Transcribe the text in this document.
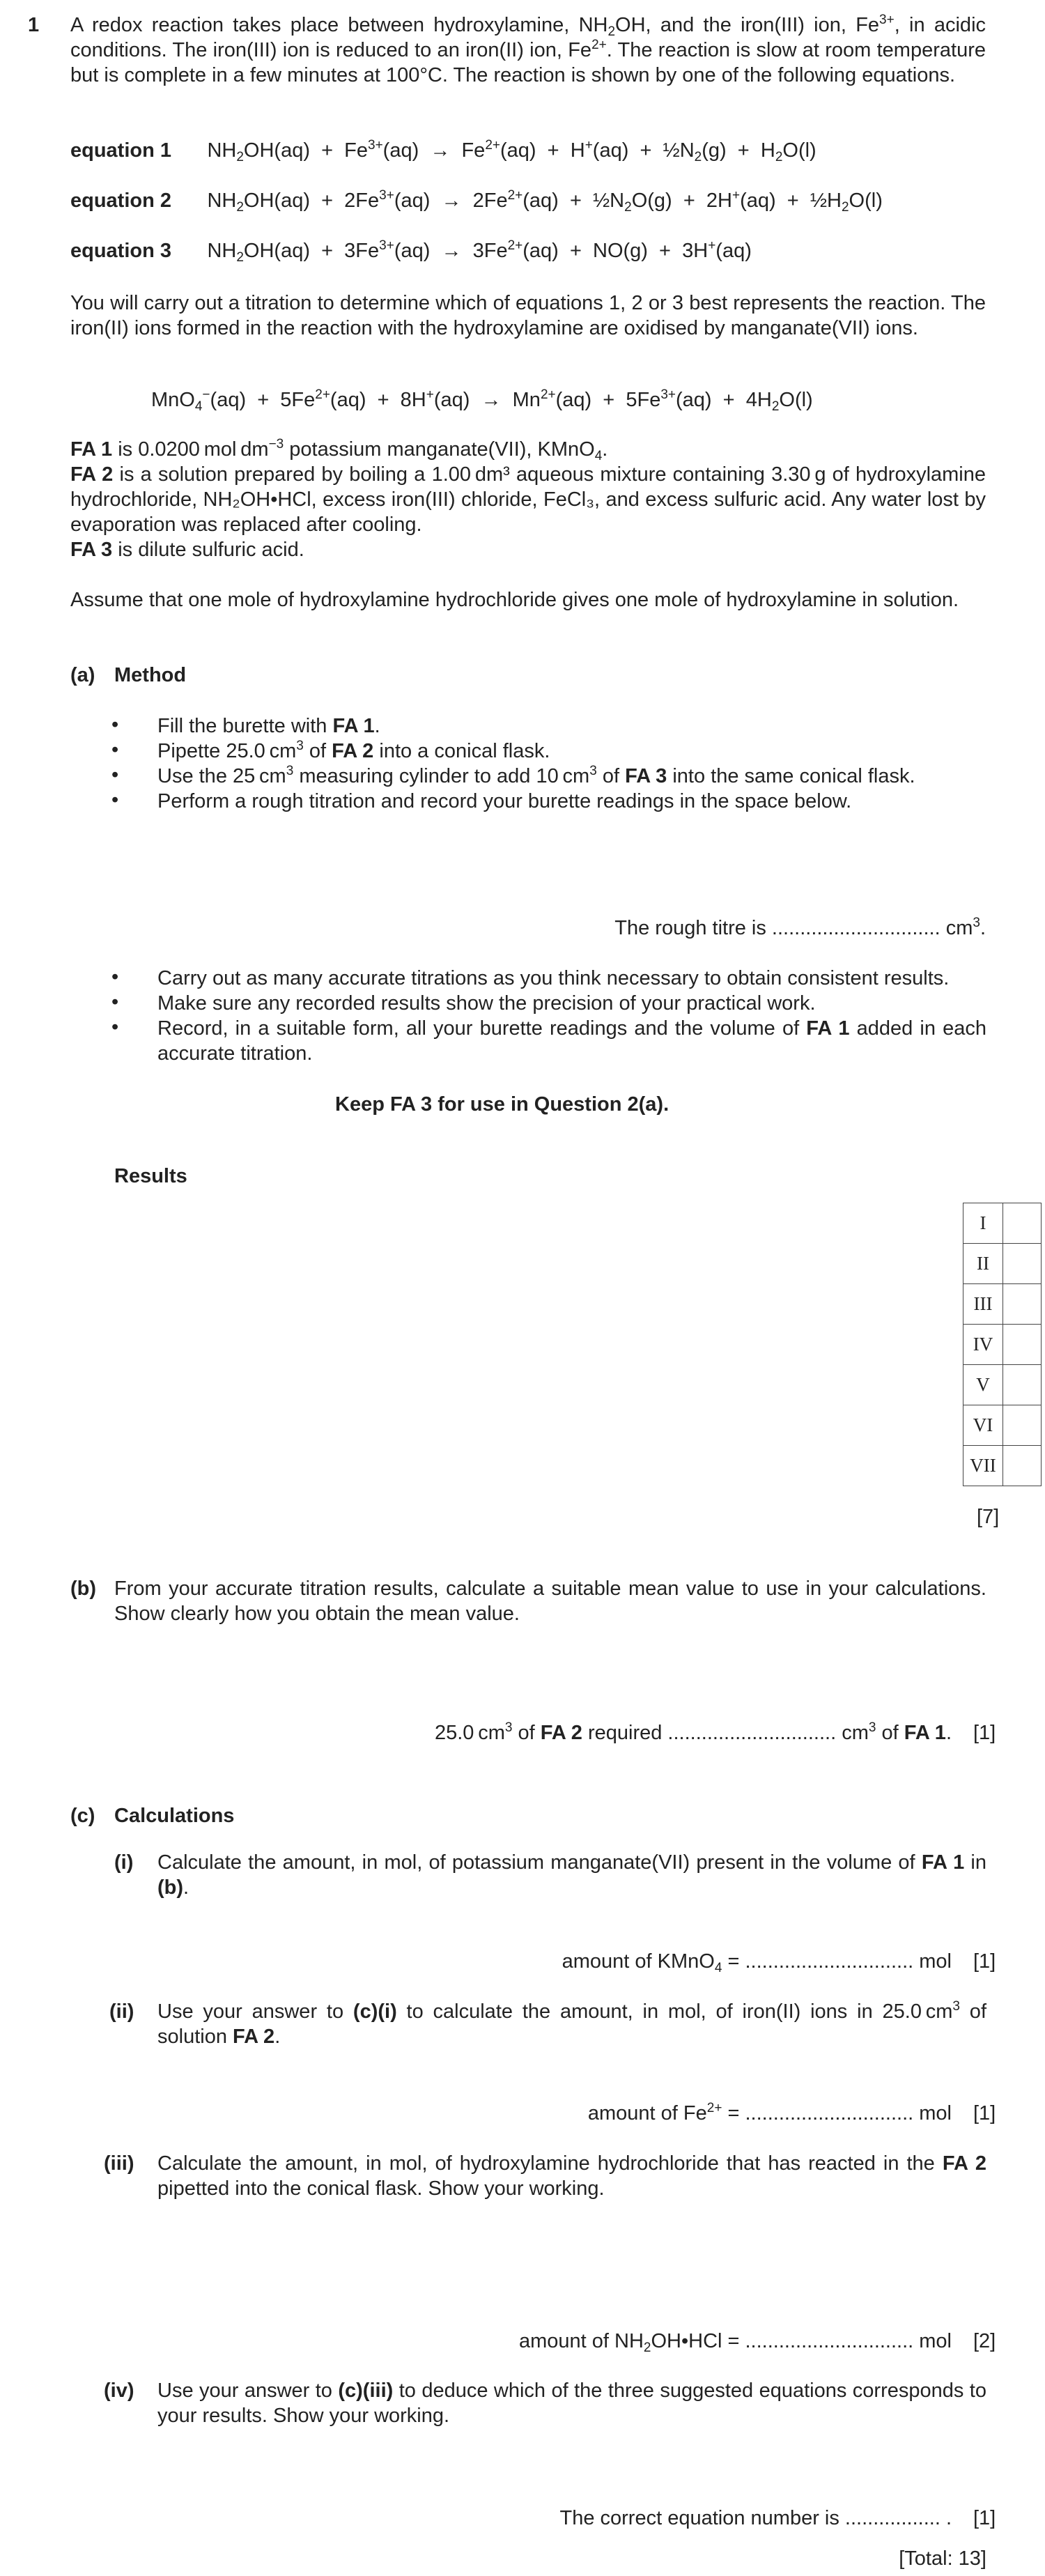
1 A redox reaction takes place between hydroxylamine, $NH_2OH$, and the iron(III) ion, $Fe^{3+}$, in acidic conditions. The iron(III) ion is reduced to an iron(II) ion, $Fe^{2+}$. The reaction is slow at room temperature but is complete in a few minutes at 100°C. The reaction is shown by one of the following equations.
equation 1 $NH_2OH(aq) + Fe^{3+}(aq) \to Fe^{2+}(aq) + H^+(aq)$  +  $\frac{1}{2}N_2(g) + H_2O(l)$
equation 2 $NH_2OH(aq) + 2Fe^{3+}(aq) \to 2Fe^{2+}(aq)$  +  $\frac{1}{2}N_2O(g) + 2H^+(aq)$  +  $\frac{1}{2}H_2O(l)$
equation 3 $NH_2OH(aq) + 3Fe^{3+}(aq) \to 3Fe^{2+}(aq) + NO(g) + 3H^+(aq)$
You will carry out a titration to determine which of equations 1, 2 or 3 best represents the reaction. The iron(II) ions formed in the reaction with the hydroxylamine are oxidised by manganate(VII) ions.
$MnO_4^-(aq) + 5Fe^{2+}(aq) + 8H^+(aq) \to Mn^{2+}(aq) + 5Fe^{3+}(aq) + 4H_2O(l)$
FA 1 is 0.0200 mol $dm^{-3}$ potassium manganate(VII), KMnO$_4$.
FA 2 is a solution prepared by boiling a 1.00 dm³ aqueous mixture containing 3.30 g of hydroxylamine hydrochloride, NH₂OH•HCl, excess iron(III) chloride, FeCl₃, and excess sulfuric acid. Any water lost by evaporation was replaced after cooling.
FA 3 is dilute sulfuric acid.
Assume that one mole of hydroxylamine hydrochloride gives one mole of hydroxylamine in solution.
(a) Method
• Fill the burette with FA 1.
• Pipette 25.0 $cm^3$ of FA 2 into a conical flask.
• Use the 25 $cm^3$ measuring cylinder to add 10 $cm^3$ of FA 3 into the same conical flask.
• Perform a rough titration and record your burette readings in the space below.
The rough titre is .............................. $cm^3$.
• Carry out as many accurate titrations as you think necessary to obtain consistent results.
• Make sure any recorded results show the precision of your practical work.
• Record, in a suitable form, all your burette readings and the volume of FA 1 added in each accurate titration.
Keep FA 3 for use in Question 2(a).
Results
I	
II	
III	
IV	
V	
VI	
VII	
[7]
(b) From your accurate titration results, calculate a suitable mean value to use in your calculations. Show clearly how you obtain the mean value.
25.0 $cm^3$ of FA 2 required .............................. $cm^3$ of FA 1. [1]
(c) Calculations
(i) Calculate the amount, in mol, of potassium manganate(VII) present in the volume of FA 1 in (b).
amount of KMnO$_4$ = .............................. mol [1]
(ii) Use your answer to (c)(i) to calculate the amount, in mol, of iron(II) ions in 25.0 $cm^3$ of solution FA 2.
amount of $Fe^{2+}$ = .............................. mol [1]
(iii) Calculate the amount, in mol, of hydroxylamine hydrochloride that has reacted in the FA 2 pipetted into the conical flask. Show your working.
amount of $NH_2OH•HCl$ = .............................. mol [2]
(iv) Use your answer to (c)(iii) to deduce which of the three suggested equations corresponds to your results. Show your working.
The correct equation number is ................. . [1]
[Total: 13]
